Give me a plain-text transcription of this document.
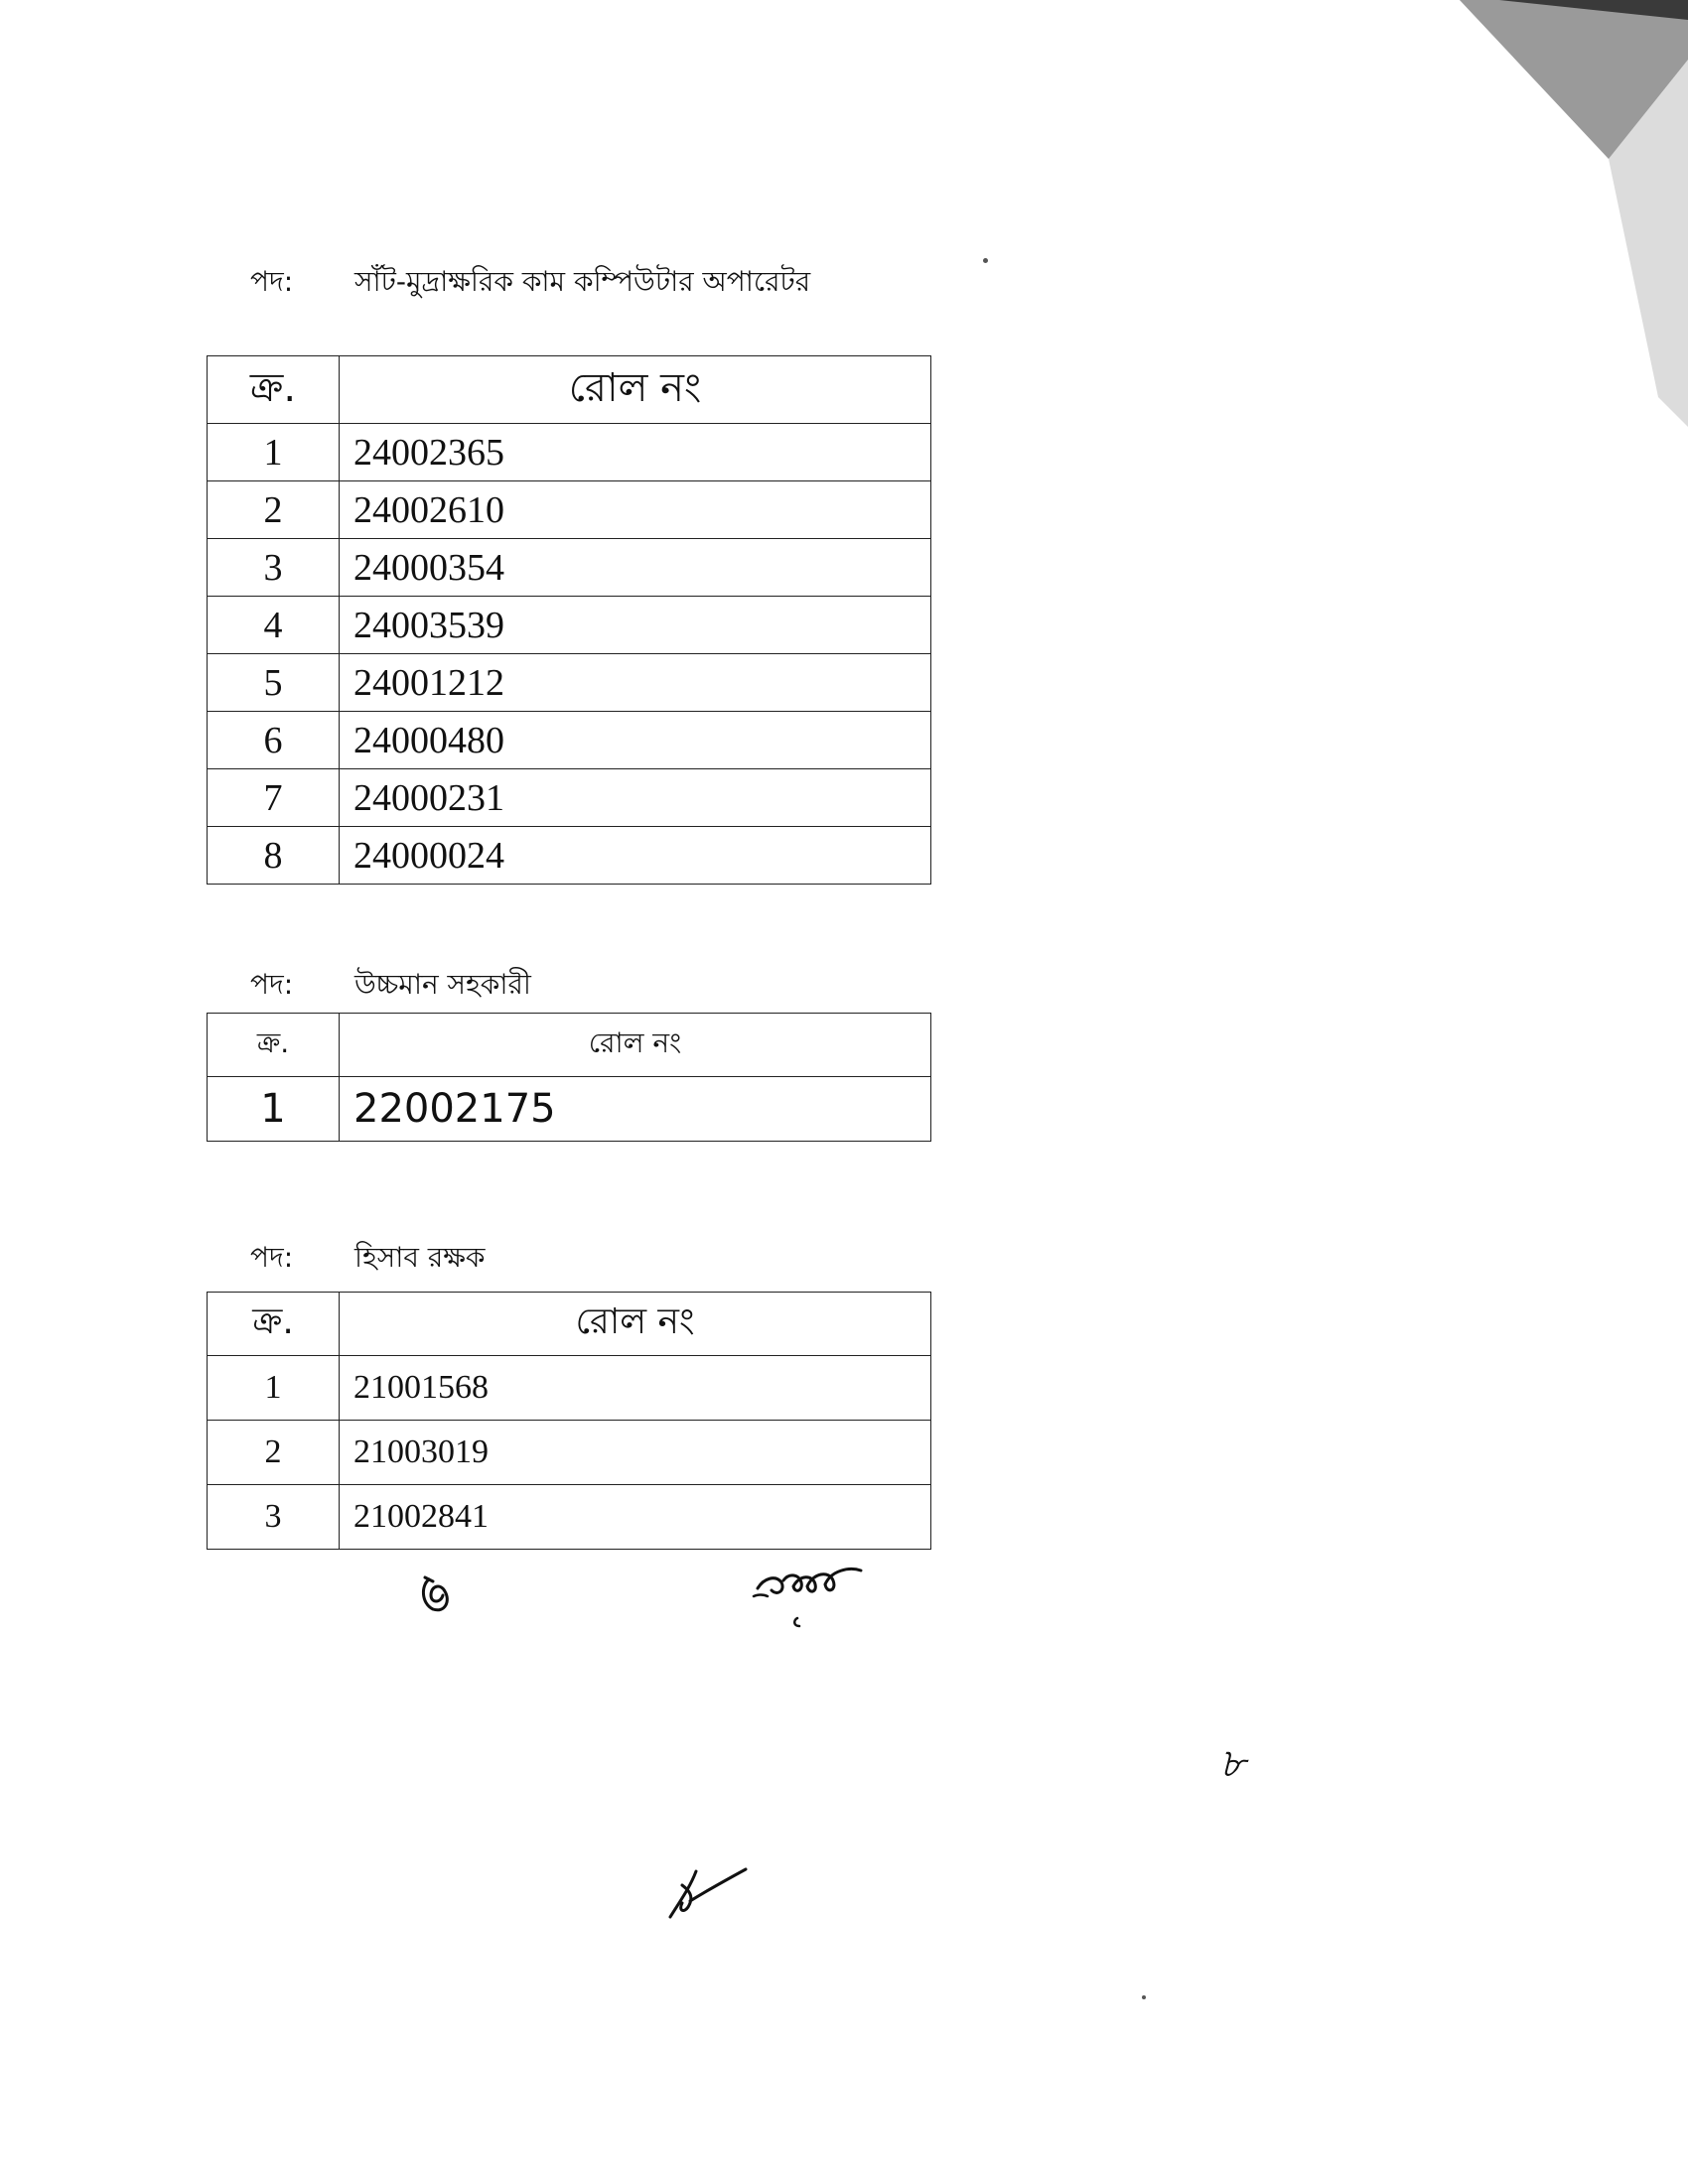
পদ:	সাঁট-মুদ্রাক্ষরিক কাম কম্পিউটার অপারেটর
ক্র.	রোল নং
1	24002365
2	24002610
3	24000354
4	24003539
5	24001212
6	24000480
7	24000231
8	24000024
পদ:	উচ্চমান সহকারী
ক্র.	রোল নং
1	22002175
পদ:	হিসাব রক্ষক
ক্র.	রোল নং
1	21001568
2	21003019
3	21002841
৮
